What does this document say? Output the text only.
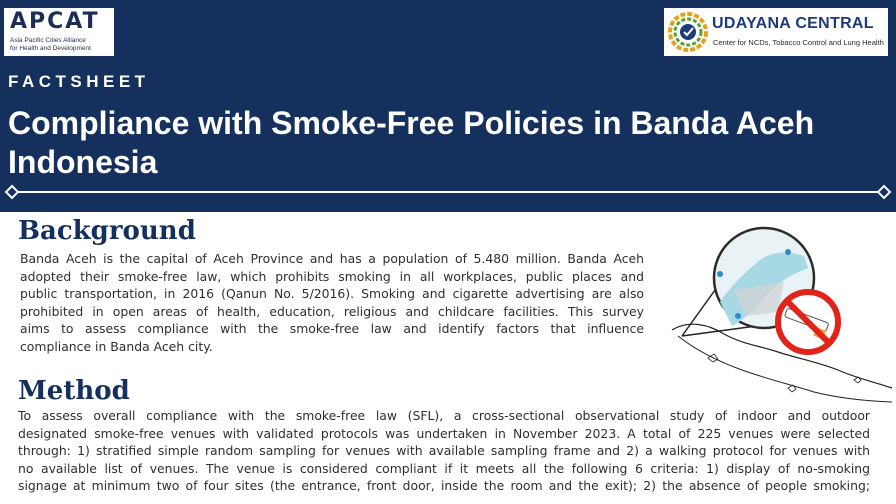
APCAT
Asia Pacific Cities Alliance
for Health and Development
UDAYANA CENTRAL
Center for NCDs, Tobacco Control and Lung Health
FACTSHEET
Compliance with Smoke-Free Policies in Banda Aceh
Indonesia
Background
Banda Aceh is the capital of Aceh Province and has a population of 5.480 million. Banda Aceh
adopted their smoke-free law, which prohibits smoking in all workplaces, public places and
public transportation, in 2016 (Qanun No. 5/2016). Smoking and cigarette advertising are also
prohibited in open areas of health, education, religious and childcare facilities. This survey
aims to assess compliance with the smoke-free law and identify factors that influence
compliance in Banda Aceh city.
Method
To assess overall compliance with the smoke-free law (SFL), a cross-sectional observational study of indoor and outdoor
designated smoke-free venues with validated protocols was undertaken in November 2023. A total of 225 venues were selected
through: 1) stratified simple random sampling for venues with available sampling frame and 2) a walking protocol for venues with
no available list of venues. The venue is considered compliant if it meets all the following 6 criteria: 1) display of no-smoking
signage at minimum two of four sites (the entrance, front door, inside the room and the exit); 2) the absence of people smoking;
